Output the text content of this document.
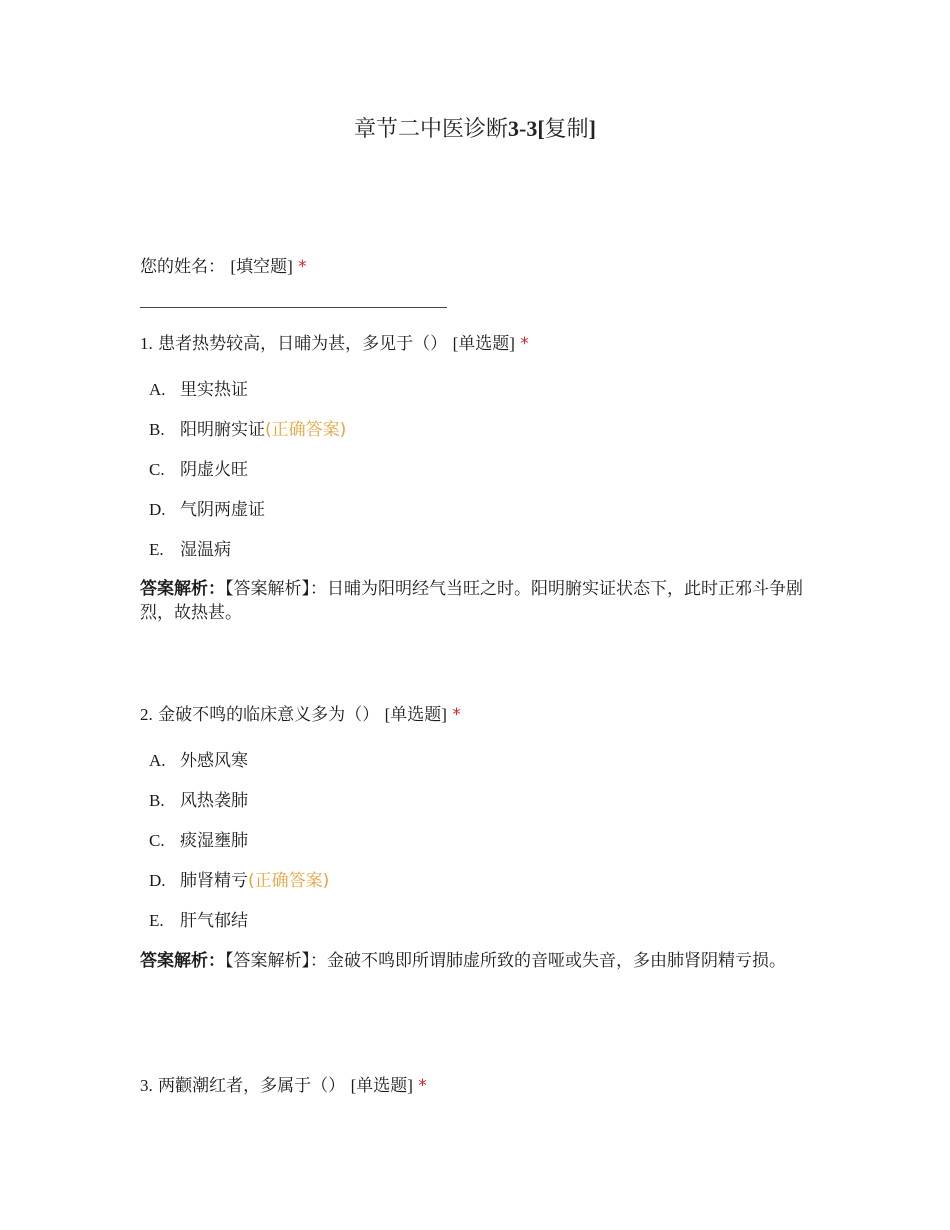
章节二中医诊断3-3[复制]
您的姓名： [填空题] *
1. 患者热势较高，日晡为甚，多见于（） [单选题] *
A. 里实热证
B. 阳明腑实证(正确答案)
C. 阴虚火旺
D. 气阴两虚证
E. 湿温病
答案解析：【答案解析】：日晡为阳明经气当旺之时。阳明腑实证状态下，此时正邪斗争剧烈，故热甚。
2. 金破不鸣的临床意义多为（） [单选题] *
A. 外感风寒
B. 风热袭肺
C. 痰湿壅肺
D. 肺肾精亏(正确答案)
E. 肝气郁结
答案解析：【答案解析】：金破不鸣即所谓肺虚所致的音哑或失音，多由肺肾阴精亏损。
3. 两颧潮红者，多属于（） [单选题] *
